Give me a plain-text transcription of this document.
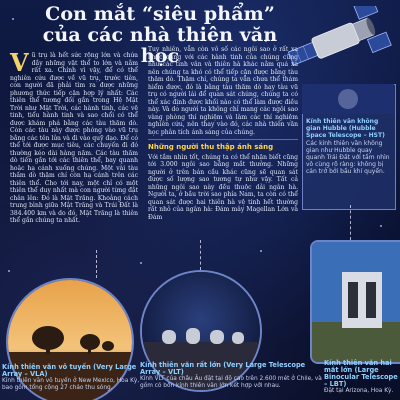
Con mắt “siêu phẩm”
của các nhà thiên văn học
V ũ trụ là hết sức rộng lớn và chứa đầy những vật thể to lớn và nằm rất xa. Chính vì vậy, để có thể nghiên cứu được về vũ trụ, trước tiên, con người đã phải tìm ra được những phương thức tiếp cận hợp lý nhất: Các thiên thể tương đối gần trong Hệ Mặt Trời như Mặt Trời, các hành tinh, các vệ tinh, tiểu hành tinh và sao chổi có thể được khám phá bằng các tàu thăm dò. Còn các tàu này được phóng vào vũ trụ bằng các tên lửa và đi vào quỹ đạo. Để có thể tới được mục tiêu, các chuyến đi đó thường kéo dài hàng năm. Các tàu thăm dò tiến gần tới các thiên thể, bay quanh hoặc hạ cánh xuống chúng. Một vài tàu thăm dò thậm chí còn hạ cánh trên các thiên thể. Cho tới nay, một chỉ có một thiên thể duy nhất mà con người từng đặt chân lên: Đó là Mặt Trăng. Khoảng cách trung bình giữa Mặt Trăng và Trái Đất là 384.400 km và do đó, Mặt Trăng là thiên thể gần chúng ta nhất.

Tuy nhiên, vẫn còn vô số các ngôi sao ở rất xa khác cũng với các hành tinh của chúng cũng như các tinh vân và thiên hà khác nằm quá xa nên chúng ta khó có thể tiếp cận được bằng tàu thăm dò. Thậm chí, chúng ta vẫn chưa thể thám hiểm được, đó là bằng tàu thăm dò hay tàu vũ trụ có người lái để quan sát chúng, chúng ta có thể xác định được khối nào có thể làm được điều này. Và do người ta không chỉ mang các ngôi sao vàng phòng thí nghiệm và làm các thí nghiệm nghiên cứu, nên thay vào đó, các nhà thiên văn học phân tích ánh sáng của chúng.

Những người thu thập ánh sáng

Với tầm nhìn tốt, chúng ta có thể nhận biết cũng tới 3.000 ngôi sao bằng mắt thường. Những người ở trên bán cầu khác cũng sẽ quan sát được số lượng sao tương tự như vậy. Tất cả những ngôi sao này đều thuộc dải ngân hà. Người ta, ở bầu trời sao phía Nam, ta còn có thể quan sát được hai thiên hà vệ tinh hết thường rất nhỏ của ngân hà: Đám mây Magellan Lớn và Đám

Kính thiên văn không gian Hubble (Hubble Space Telescope – HST)
Các kính thiên văn không gian như Hubble quay quanh Trái Đất với tầm nhìn vô cùng rõ ràng: không bị cản trở bởi bầu khí quyển.
Kính thiên văn vô tuyến (Very Large Array – VLA)
Kính thiên văn vô tuyến ở New Mexico, Hoa Kỳ, bao gồm tổng cộng 27 chảo thu sóng.
Kính thiên văn rất lớn (Very Large Telescope Array – VLT)
Kính VLT của châu Âu đặt tại độ cao trên 2.600 mét ở Chile, và gồm có bốn kính thiên văn lớn kết hợp với nhau.
Kính thiên văn hai mắt lớn (Large Binocular Telescope – LBT)
Đặt tại Arizona, Hoa Kỳ.
